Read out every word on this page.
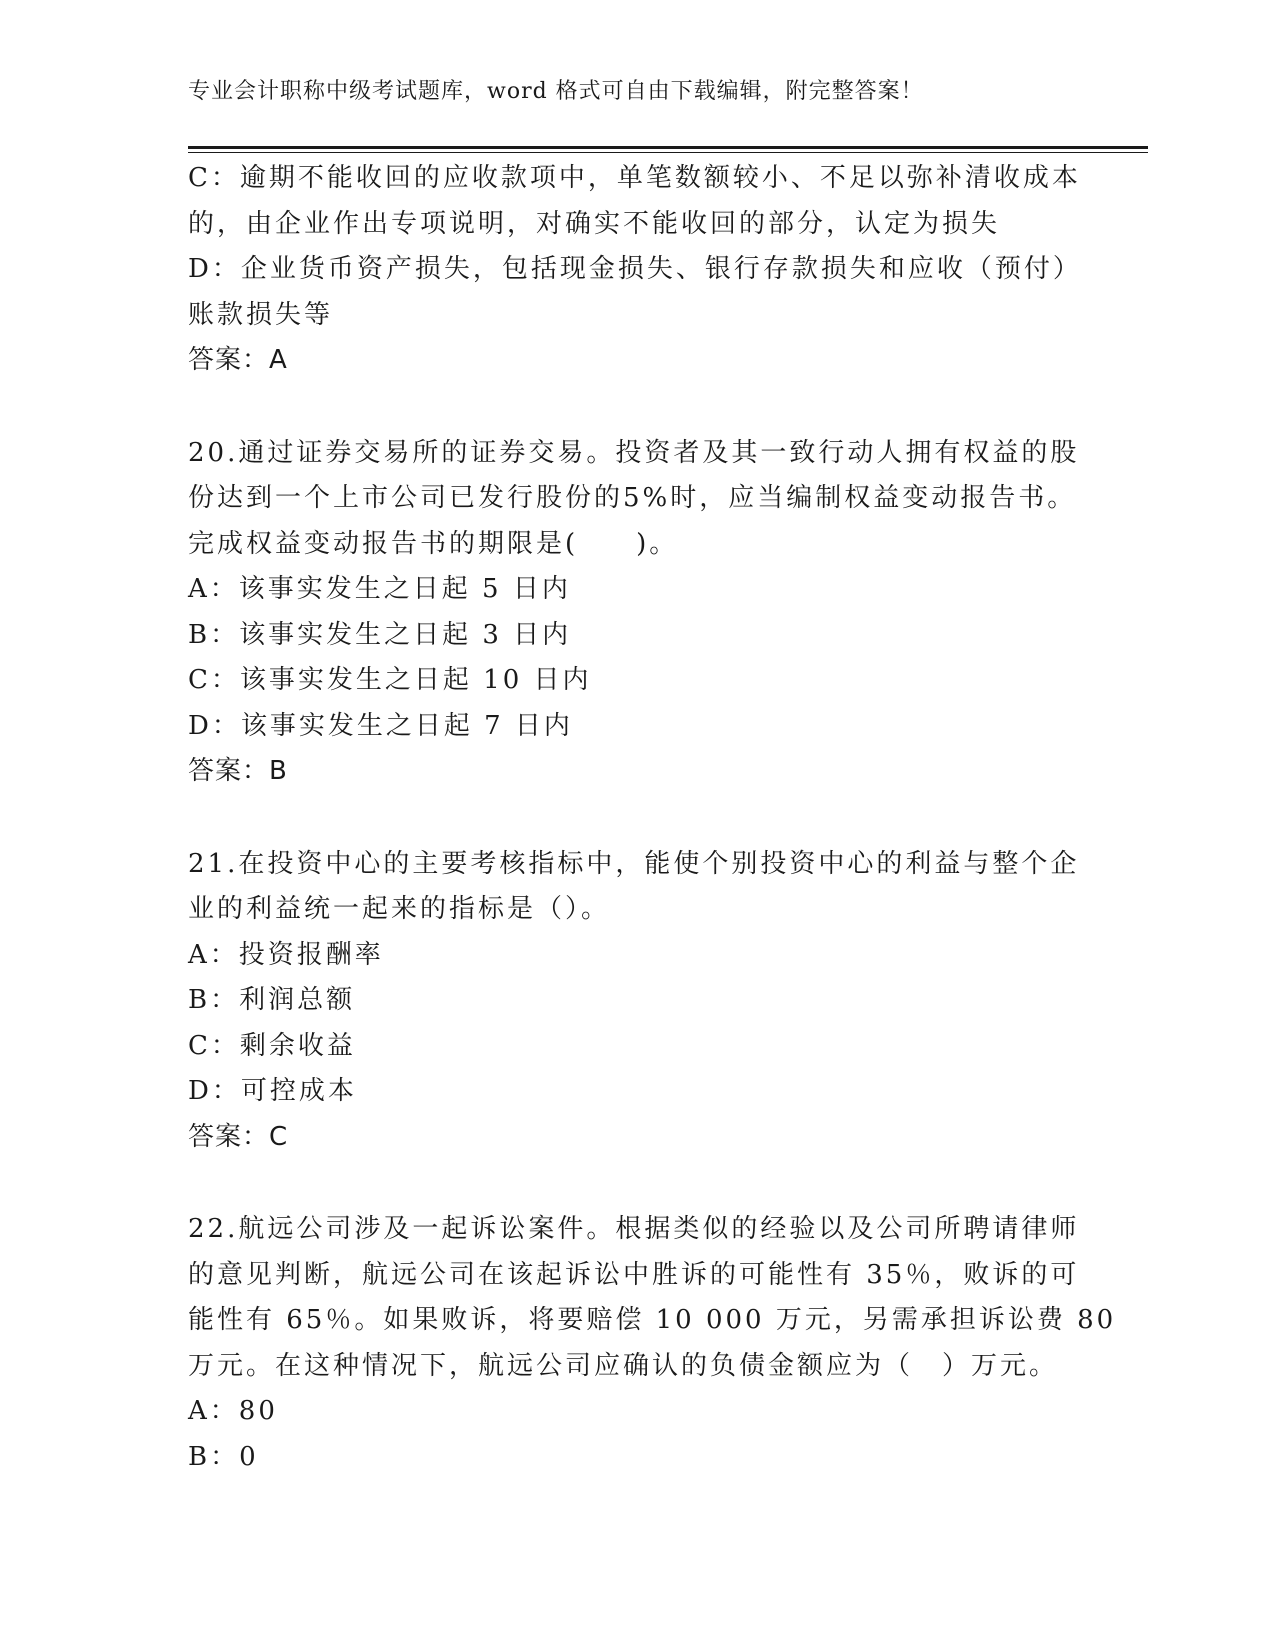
专业会计职称中级考试题库，word 格式可自由下载编辑，附完整答案！
C：逾期不能收回的应收款项中，单笔数额较小、不足以弥补清收成本
的，由企业作出专项说明，对确实不能收回的部分，认定为损失
D：企业货币资产损失，包括现金损失、银行存款损失和应收（预付）
账款损失等
答案：A
20.通过证券交易所的证券交易。投资者及其一致行动人拥有权益的股
份达到一个上市公司已发行股份的5%时，应当编制权益变动报告书。
完成权益变动报告书的期限是(　　)。
A：该事实发生之日起 5 日内
B：该事实发生之日起 3 日内
C：该事实发生之日起 10 日内
D：该事实发生之日起 7 日内
答案：B
21.在投资中心的主要考核指标中，能使个别投资中心的利益与整个企
业的利益统一起来的指标是（）。
A：投资报酬率
B：利润总额
C：剩余收益
D：可控成本
答案：C
22.航远公司涉及一起诉讼案件。根据类似的经验以及公司所聘请律师
的意见判断，航远公司在该起诉讼中胜诉的可能性有 35％，败诉的可
能性有 65％。如果败诉，将要赔偿 10 000 万元，另需承担诉讼费 80
万元。在这种情况下，航远公司应确认的负债金额应为（　）万元。
A：80
B：0
